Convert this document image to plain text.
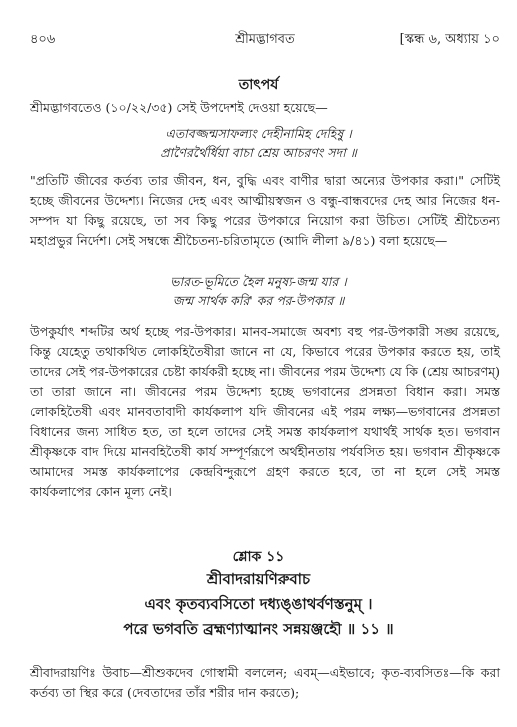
৪০৬	শ্রীমদ্ভাগবত	[স্কন্ধ ৬, অধ্যায় ১০
তাৎপর্য
শ্রীমদ্ভাগবতেও (১০/২২/৩৫) সেই উপদেশই দেওয়া হয়েছে—
এতাবজ্জন্মসাফল্যং দেহীনামিহ দেহিষু ।
প্রাণৈরর্থৈর্ধিয়া বাচা শ্রেয় আচরণং সদা ॥
"প্রতিটি জীবের কর্তব্য তার জীবন, ধন, বুদ্ধি এবং বাণীর দ্বারা অন্যের উপকার করা।" সেটিই হচ্ছে জীবনের উদ্দেশ্য। নিজের দেহ এবং আত্মীয়স্বজন ও বন্ধু-বান্ধবদের দেহ আর নিজের ধন-সম্পদ যা কিছু রয়েছে, তা সব কিছু পরের উপকারে নিয়োগ করা উচিত। সেটিই শ্রীচৈতন্য মহাপ্রভুর নির্দেশ। সেই সম্বন্ধে শ্রীচৈতন্য-চরিতামৃতে (আদি লীলা ৯/৪১) বলা হয়েছে—
ভারত-ভূমিতে হৈল মনুষ্য-জন্ম যার ।
জন্ম সার্থক করি' কর পর-উপকার ॥
উপকুর্যাৎ শব্দটির অর্থ হচ্ছে পর-উপকার। মানব-সমাজে অবশ্য বহু পর-উপকারী সঙ্ঘ রয়েছে, কিন্তু যেহেতু তথাকথিত লোকহিতৈষীরা জানে না যে, কিভাবে পরের উপকার করতে হয়, তাই তাদের সেই পর-উপকারের চেষ্টা কার্যকরী হচ্ছে না। জীবনের পরম উদ্দেশ্য যে কি (শ্রেয় আচরণম্) তা তারা জানে না। জীবনের পরম উদ্দেশ্য হচ্ছে ভগবানের প্রসন্নতা বিধান করা। সমস্ত লোকহিতৈষী এবং মানবতাবাদী কার্যকলাপ যদি জীবনের এই পরম লক্ষ্য—ভগবানের প্রসন্নতা বিধানের জন্য সাধিত হত, তা হলে তাদের সেই সমস্ত কার্যকলাপ যথার্থই সার্থক হত। ভগবান শ্রীকৃষ্ণকে বাদ দিয়ে মানবহিতৈষী কার্য সম্পূর্ণরূপে অর্থহীনতায় পর্যবসিত হয়। ভগবান শ্রীকৃষ্ণকে আমাদের সমস্ত কার্যকলাপের কেন্দ্রবিন্দুরূপে গ্রহণ করতে হবে, তা না হলে সেই সমস্ত কার্যকলাপের কোন মূল্য নেই।
শ্লোক ১১
শ্রীবাদরায়ণিরুবাচ
এবং কৃতব্যবসিতো দধ্যঙ্ঙাথর্বণস্তনুম্ ।
পরে ভগবতি ব্রহ্মণ্যাত্মানং সন্নয়ঞ্জহৌ ॥ ১১ ॥
শ্রীবাদরায়ণিঃ উবাচ—শ্রীশুকদেব গোস্বামী বললেন; এবম্—এইভাবে; কৃত-ব্যবসিতঃ—কি করা কর্তব্য তা স্থির করে (দেবতাদের তাঁর শরীর দান করতে);
